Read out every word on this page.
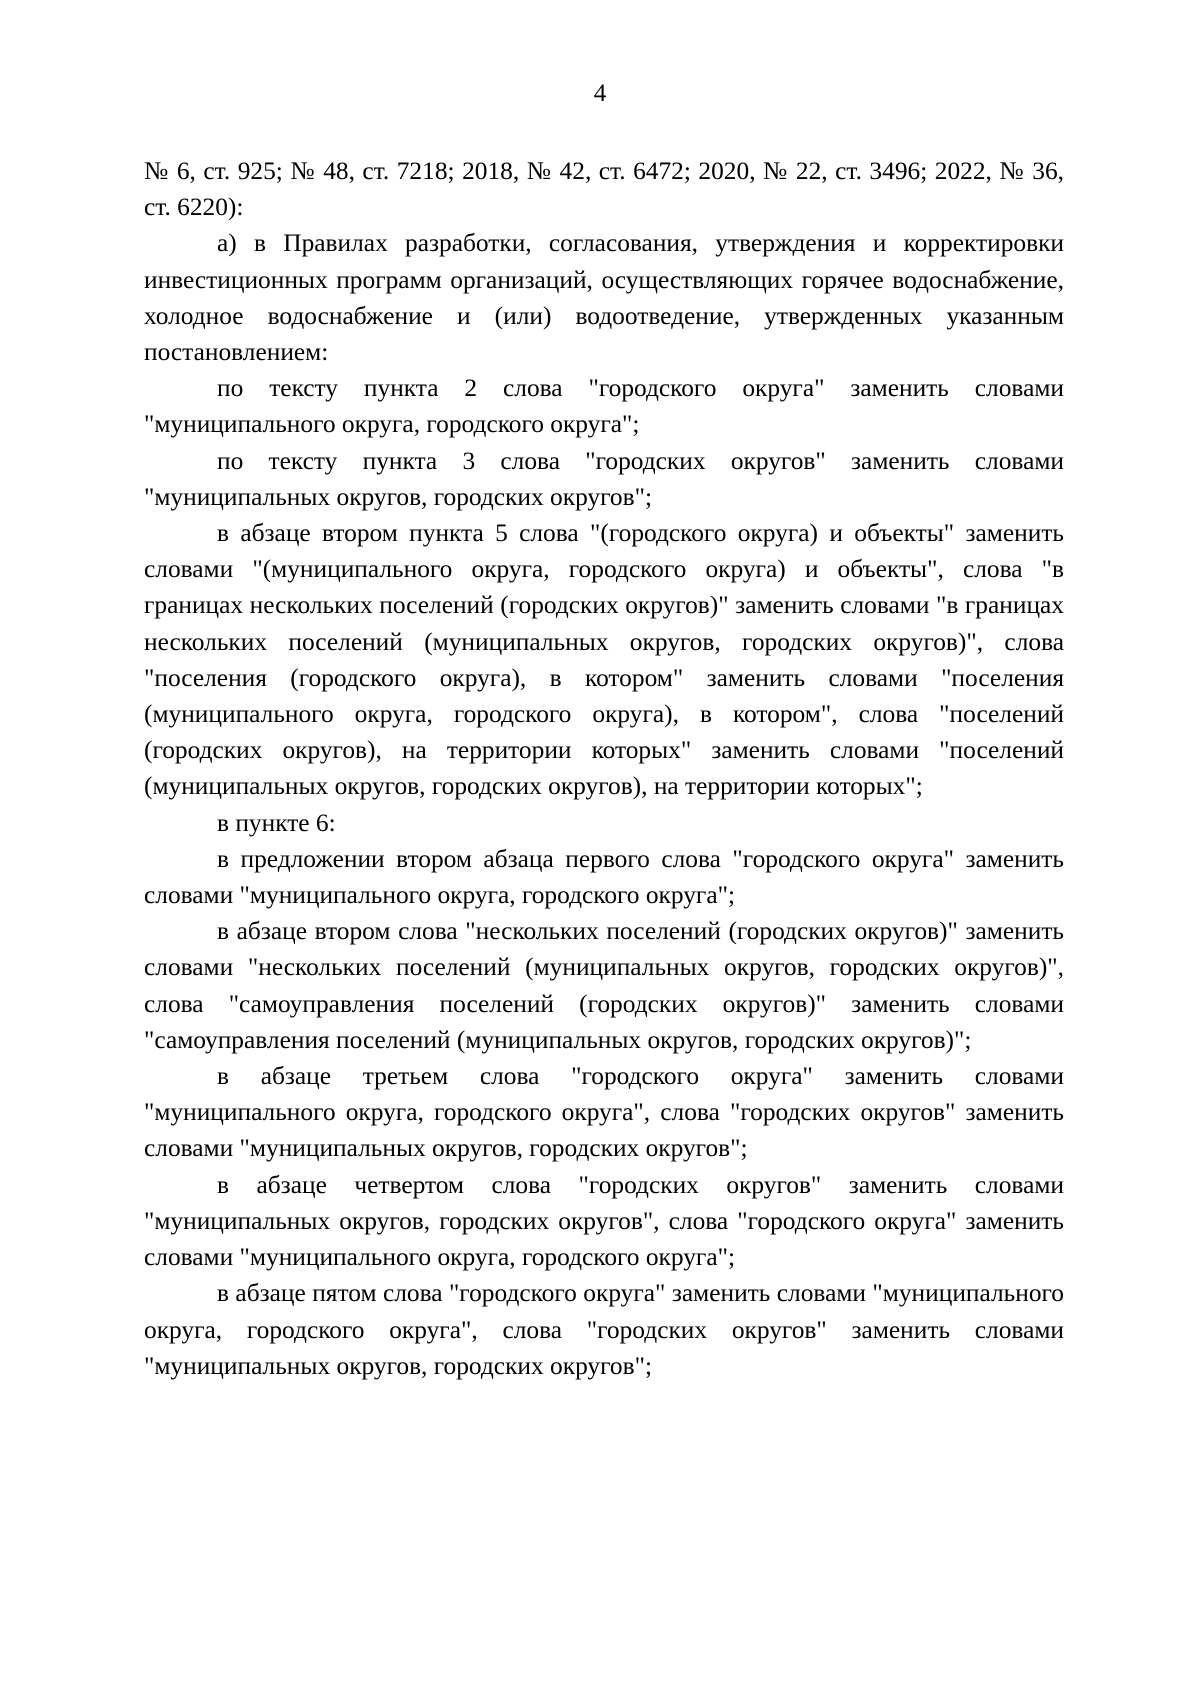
4

№ 6, ст. 925; № 48, ст. 7218; 2018, № 42, ст. 6472; 2020, № 22, ст. 3496; 2022, № 36, ст. 6220):

а) в Правилах разработки, согласования, утверждения и корректировки инвестиционных программ организаций, осуществляющих горячее водоснабжение, холодное водоснабжение и (или) водоотведение, утвержденных указанным постановлением:

по тексту пункта 2 слова "городского округа" заменить словами "муниципального округа, городского округа";

по тексту пункта 3 слова "городских округов" заменить словами "муниципальных округов, городских округов";

в абзаце втором пункта 5 слова "(городского округа) и объекты" заменить словами "(муниципального округа, городского округа) и объекты", слова "в границах нескольких поселений (городских округов)" заменить словами "в границах нескольких поселений (муниципальных округов, городских округов)", слова "поселения (городского округа), в котором" заменить словами "поселения (муниципального округа, городского округа), в котором", слова "поселений (городских округов), на территории которых" заменить словами "поселений (муниципальных округов, городских округов), на территории которых";

в пункте 6:

в предложении втором абзаца первого слова "городского округа" заменить словами "муниципального округа, городского округа";

в абзаце втором слова "нескольких поселений (городских округов)" заменить словами "нескольких поселений (муниципальных округов, городских округов)", слова "самоуправления поселений (городских округов)" заменить словами "самоуправления поселений (муниципальных округов, городских округов)";

в абзаце третьем слова "городского округа" заменить словами "муниципального округа, городского округа", слова "городских округов" заменить словами "муниципальных округов, городских округов";

в абзаце четвертом слова "городских округов" заменить словами "муниципальных округов, городских округов", слова "городского округа" заменить словами "муниципального округа, городского округа";

в абзаце пятом слова "городского округа" заменить словами "муниципального округа, городского округа", слова "городских округов" заменить словами "муниципальных округов, городских округов";
